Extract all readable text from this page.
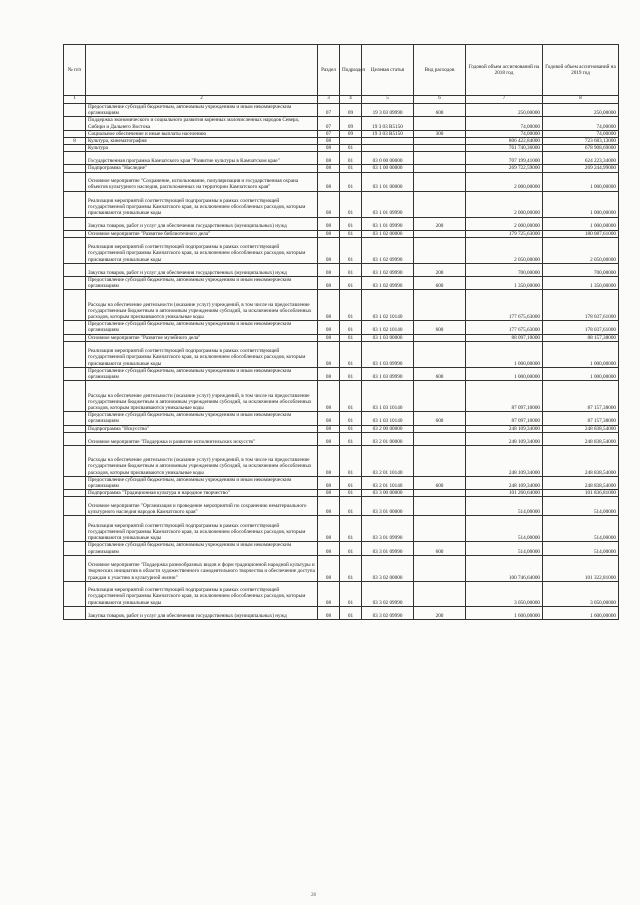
№ п/п		Раздел	Подраздел	Целевая статья	Вид расходов	Годовой объем ассигнований на 2018 год	Годовой объем ассигнований на 2019 год
1	2	3	4	5	6	7	8
	Предоставление субсидий бюджетным, автономным учреждениям и иным некоммерческим организациям	07	09	19 3 03 09990	600	250,00000	250,00000
	Поддержка экономического и социального развития коренных малочисленных народов Севера, Сибири и Дальнего Востока	07	09	19 3 03 R5150		74,00000	74,00000
	Социальное обеспечение и иные выплаты населению	07	09	19 3 03 R5150	300	74,00000	74,00000
8	Культура, кинематография	08				806 422,84000	723 683,13000
	Культура	08	01			761 740,36000	678 908,69000
	Государственная программа Камчатского края "Развитие культуры в Камчатском крае"	08	01	03 0 00 00000		707 199,41000	624 223,34000
	Подпрограмма "Наследие"	08	01	03 1 00 00000		269 722,59000	269 244,99000
	Основное мероприятие "Сохранение, использование, популяризация и государственная охрана объектов культурного наследия, расположенных на территории Камчатского края"	08	01	03 1 01 00000		2 000,00000	1 000,00000
	Реализация мероприятий соответствующей подпрограммы в рамках соответствующей государственной программы Камчатского края, за исключением обособленных расходов, которым присваиваются уникальные коды	08	01	03 1 01 09990		2 000,00000	1 000,00000
	Закупка товаров, работ и услуг для обеспечения государственных (муниципальных) нужд	08	01	03 1 01 09990	200	2 000,00000	1 000,00000
	Основное мероприятие "Развитие библиотечного дела"	08	01	03 1 02 00000		179 725,63000	180 087,61000
	Реализация мероприятий соответствующей подпрограммы в рамках соответствующей государственной программы Камчатского края, за исключением обособленных расходов, которым присваиваются уникальные коды	08	01	03 1 02 09990		2 050,00000	2 050,00000
	Закупка товаров, работ и услуг для обеспечения государственных (муниципальных) нужд	08	01	03 1 02 09990	200	700,00000	700,00000
	Предоставление субсидий бюджетным, автономным учреждениям и иным некоммерческим организациям	08	01	03 1 02 09990	600	1 350,00000	1 350,00000
	Расходы на обеспечение деятельности (оказание услуг) учреждений, в том числе на предоставление государственным бюджетным и автономным учреждениям субсидий, за исключением обособленных расходов, которым присваиваются уникальные коды	08	01	03 1 02 10140		177 675,63000	178 037,61000
	Предоставление субсидий бюджетным, автономным учреждениям и иным некоммерческим организациям	08	01	03 1 02 10140	600	177 675,63000	178 037,61000
	Основное мероприятие "Развитие музейного дела"	08	01	03 1 03 00000		88 097,10000	88 157,38000
	Реализация мероприятий соответствующей подпрограммы в рамках соответствующей государственной программы Камчатского края, за исключением обособленных расходов, которым присваиваются уникальные коды	08	01	03 1 03 09990		1 000,00000	1 000,00000
	Предоставление субсидий бюджетным, автономным учреждениям и иным некоммерческим организациям	08	01	03 1 03 09990	600	1 000,00000	1 000,00000
	Расходы на обеспечение деятельности (оказание услуг) учреждений, в том числе на предоставление государственным бюджетным и автономным учреждениям субсидий, за исключением обособленных расходов, которым присваиваются уникальные коды	08	01	03 1 03 10140		87 097,10000	87 157,38000
	Предоставление субсидий бюджетным, автономным учреждениям и иным некоммерческим организациям	08	01	03 1 03 10140	600	87 097,10000	87 157,38000
	Подпрограмма "Искусство"	08	01	03 2 00 00000		248 109,34000	248 838,54000
	Основное мероприятие "Поддержка и развитие исполнительских искусств"	08	01	03 2 01 00000		248 109,34000	248 838,54000
	Расходы на обеспечение деятельности (оказание услуг) учреждений, в том числе на предоставление государственным бюджетным и автономным учреждениям субсидий, за исключением обособленных расходов, которым присваиваются уникальные коды	08	01	03 2 01 10140		248 109,34000	248 838,54000
	Предоставление субсидий бюджетным, автономным учреждениям и иным некоммерческим организациям	08	01	03 2 01 10140	600	248 109,34000	248 838,54000
	Подпрограмма "Традиционная культура и народное творчество"	08	01	03 3 00 00000		101 260,64000	101 836,81000
	Основное мероприятие "Организация и проведение мероприятий по сохранению нематериального культурного наследия народов Камчатского края"	08	01	03 3 01 00000		514,00000	514,00000
	Реализация мероприятий соответствующей подпрограммы в рамках соответствующей государственной программы Камчатского края, за исключением обособленных расходов, которым присваиваются уникальные коды	08	01	03 3 01 09990		514,00000	514,00000
	Предоставление субсидий бюджетным, автономным учреждениям и иным некоммерческим организациям	08	01	03 3 01 09990	600	514,00000	514,00000
	Основное мероприятие "Поддержка разнообразных видов и форм традиционной народной культуры и творческих инициатив в области художественного самодеятельного творчества и обеспечение доступа граждан к участию в культурной жизни"	08	01	03 3 02 00000		100 746,64000	101 322,81000
	Реализация мероприятий соответствующей подпрограммы в рамках соответствующей государственной программы Камчатского края, за исключением обособленных расходов, которым присваиваются уникальные коды	08	01	03 3 02 09990		3 050,00000	3 050,00000
	Закупка товаров, работ и услуг для обеспечения государственных (муниципальных) нужд	08	01	03 3 02 09990	200	1 600,00000	1 600,00000
28
